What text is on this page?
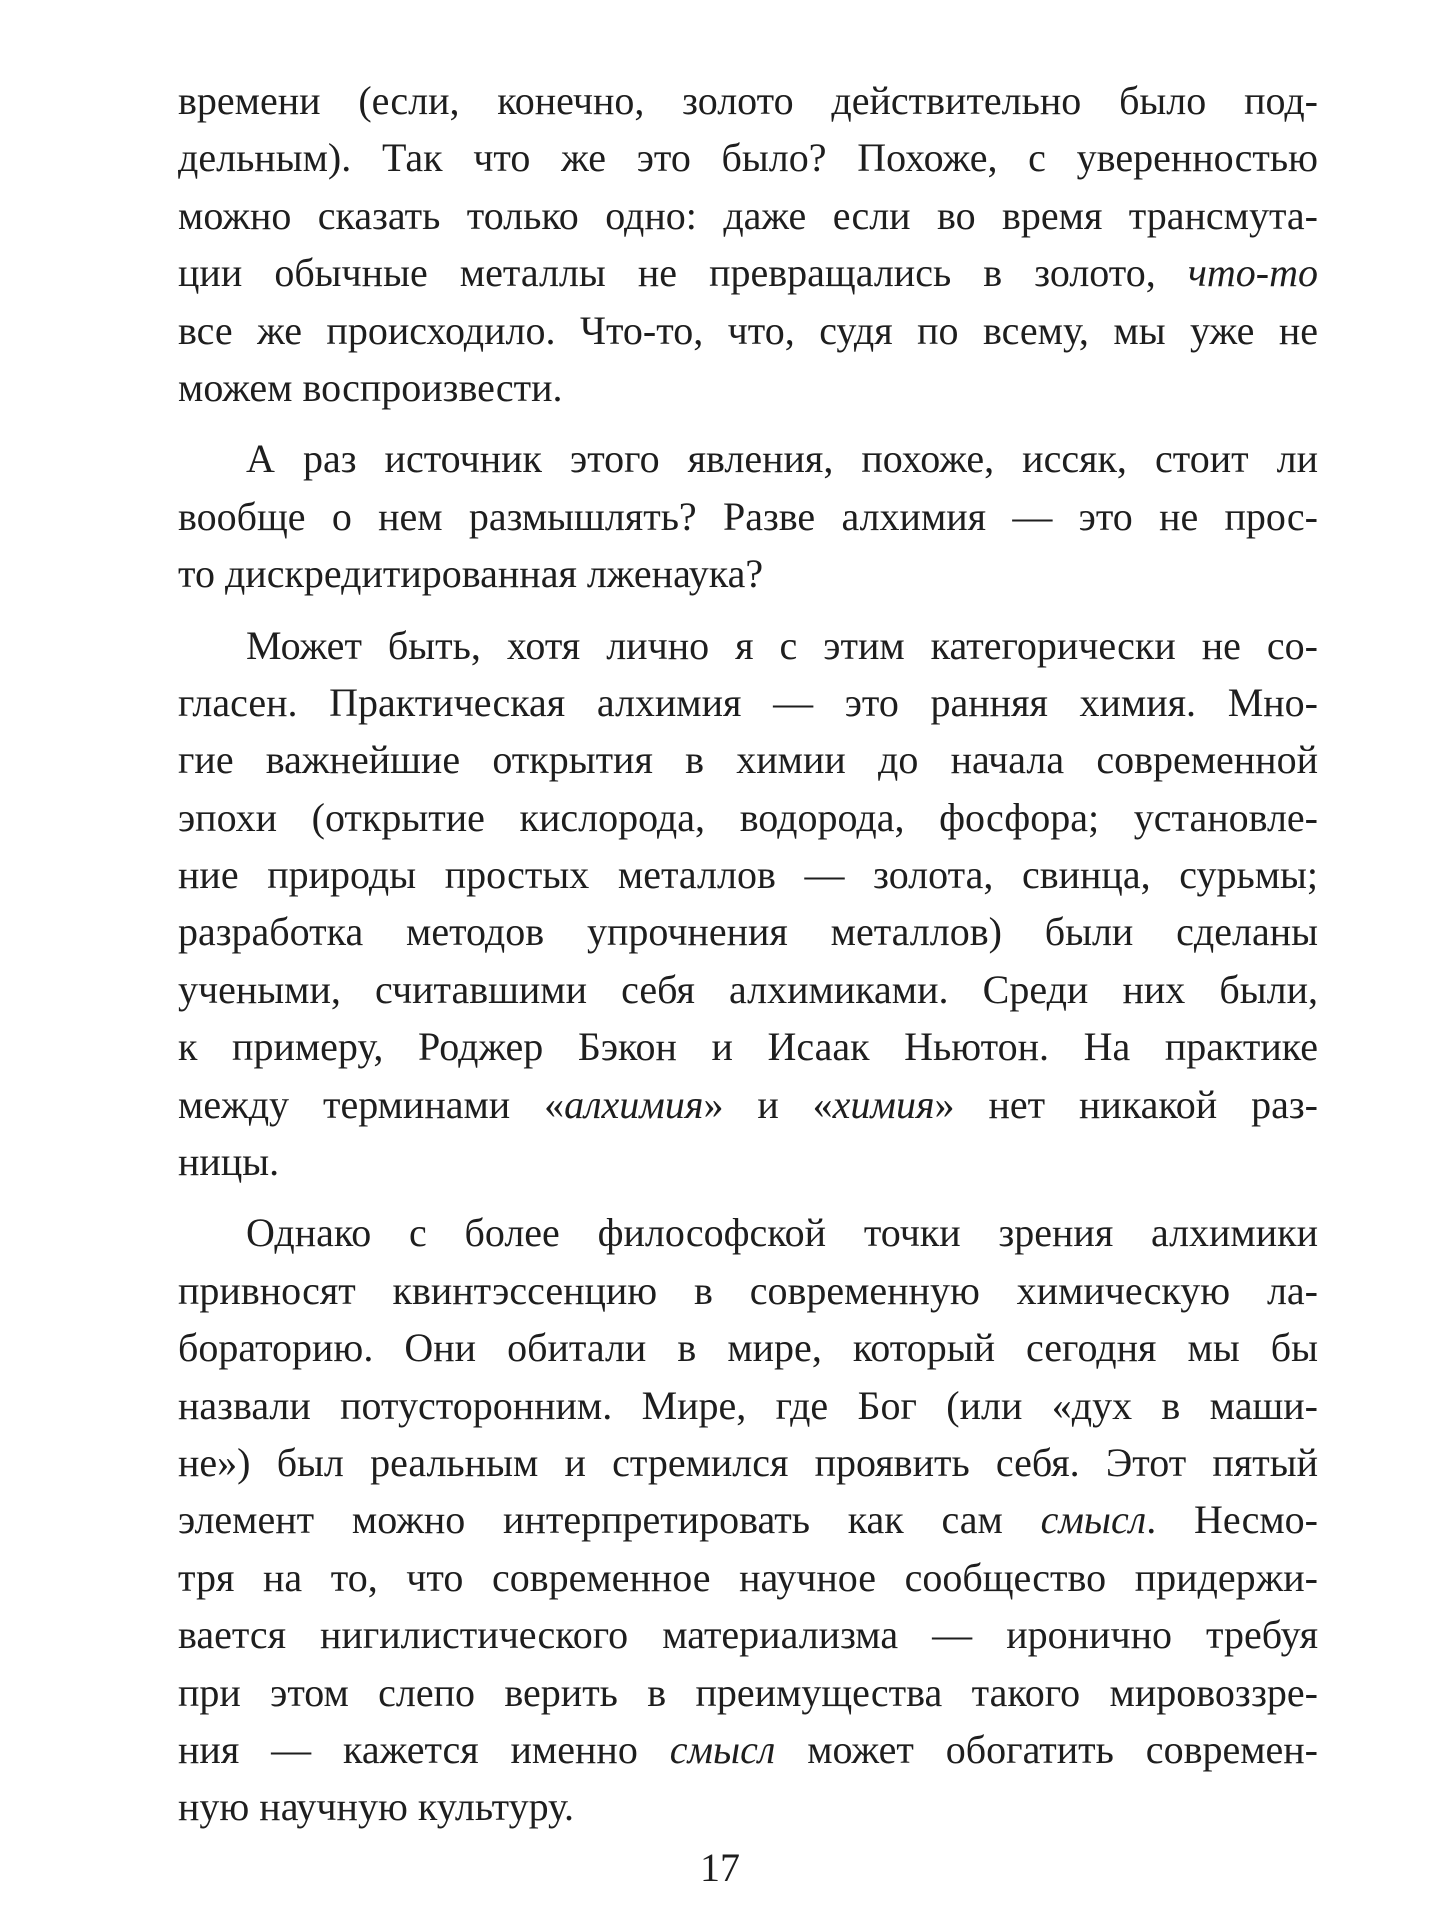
времени (если, конечно, золото действительно было под-
дельным). Так что же это было? Похоже, с уверенностью
можно сказать только одно: даже если во время трансмута-
ции обычные металлы не превращались в золото, что-то
все же происходило. Что-то, что, судя по всему, мы уже не
можем воспроизвести.
А раз источник этого явления, похоже, иссяк, стоит ли
вообще о нем размышлять? Разве алхимия — это не прос-
то дискредитированная лженаука?
Может быть, хотя лично я с этим категорически не со-
гласен. Практическая алхимия — это ранняя химия. Мно-
гие важнейшие открытия в химии до начала современной
эпохи (открытие кислорода, водорода, фосфора; установле-
ние природы простых металлов — золота, свинца, сурьмы;
разработка методов упрочнения металлов) были сделаны
учеными, считавшими себя алхимиками. Среди них были,
к примеру, Роджер Бэкон и Исаак Ньютон. На практике
между терминами «алхимия» и «химия» нет никакой раз-
ницы.
Однако с более философской точки зрения алхимики
привносят квинтэссенцию в современную химическую ла-
бораторию. Они обитали в мире, который сегодня мы бы
назвали потусторонним. Мире, где Бог (или «дух в маши-
не») был реальным и стремился проявить себя. Этот пятый
элемент можно интерпретировать как сам смысл. Несмо-
тря на то, что современное научное сообщество придержи-
вается нигилистического материализма — иронично требуя
при этом слепо верить в преимущества такого мировоззре-
ния — кажется именно смысл может обогатить современ-
ную научную культуру.
17
